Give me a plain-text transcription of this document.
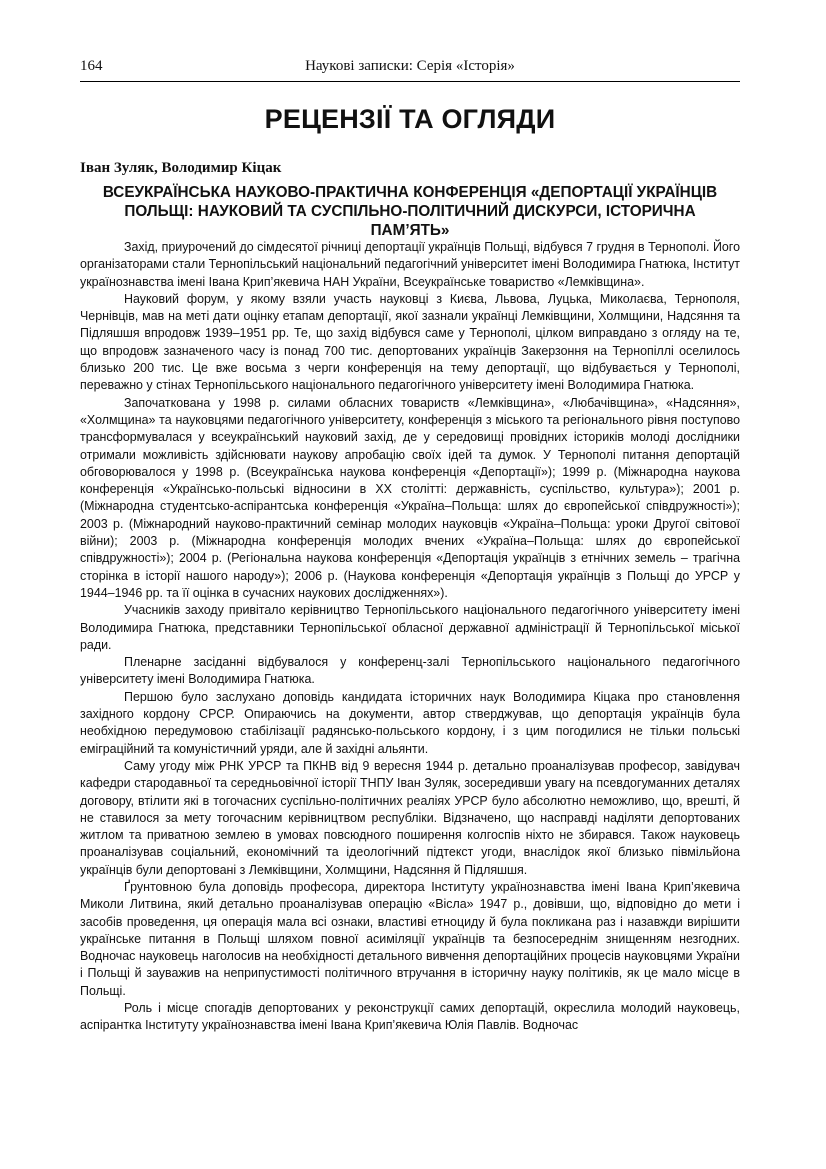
164	Наукові записки: Серія «Історія»
РЕЦЕНЗІЇ ТА ОГЛЯДИ
Іван Зуляк, Володимир Кіцак
ВСЕУКРАЇНСЬКА НАУКОВО-ПРАКТИЧНА КОНФЕРЕНЦІЯ «ДЕПОРТАЦІЇ УКРАЇНЦІВ ПОЛЬЩІ: НАУКОВИЙ ТА СУСПІЛЬНО-ПОЛІТИЧНИЙ ДИСКУРСИ, ІСТОРИЧНА ПАМ’ЯТЬ»

Захід, приурочений до сімдесятої річниці депортації українців Польщі, відбувся 7 грудня в Тернополі. Його організаторами стали Тернопільський національний педагогічний університет імені Володимира Гнатюка, Інститут українознавства імені Івана Крип’якевича НАН України, Всеукраїнське товариство «Лемківщина».

Науковий форум, у якому взяли участь науковці з Києва, Львова, Луцька, Миколаєва, Тернополя, Чернівців, мав на меті дати оцінку етапам депортації, якої зазнали українці Лемківщини, Холмщини, Надсяння та Підляшшя впродовж 1939–1951 рр. Те, що захід відбувся саме у Тернополі, цілком виправдано з огляду на те, що впродовж зазначеного часу із понад 700 тис. депортованих українців Закерзоння на Тернопіллі оселилось близько 200 тис. Це вже восьма з черги конференція на тему депортації, що відбувається у Тернополі, переважно у стінах Тернопільського національного педагогічного університету імені Володимира Гнатюка.

Започаткована у 1998 р. силами обласних товариств «Лемківщина», «Любачівщина», «Надсяння», «Холмщина» та науковцями педагогічного університету, конференція з міського та регіонального рівня поступово трансформувалася у всеукраїнський науковий захід, де у середовищі провідних істориків молоді дослідники отримали можливість здійснювати наукову апробацію своїх ідей та думок. У Тернополі питання депортацій обговорювалося у 1998 р. (Всеукраїнська наукова конференція «Депортації»); 1999 р. (Міжнародна наукова конференція «Українсько-польські відносини в ХХ столітті: державність, суспільство, культура»); 2001 р. (Міжнародна студентсько-аспірантська конференція «Україна–Польща: шлях до європейської співдружності»); 2003 р. (Міжнародний науково-практичний семінар молодих науковців «Україна–Польща: уроки Другої світової війни); 2003 р. (Міжнародна конференція молодих вчених «Україна–Польща: шлях до європейської співдружності»); 2004 р. (Регіональна наукова конференція «Депортація українців з етнічних земель – трагічна сторінка в історії нашого народу»); 2006 р. (Наукова конференція «Депортація українців з Польщі до УРСР у 1944–1946 рр. та її оцінка в сучасних наукових дослідженнях»).

Учасників заходу привітало керівництво Тернопільського національного педагогічного університету імені Володимира Гнатюка, представники Тернопільської обласної державної адміністрації й Тернопільської міської ради.

Пленарне засіданні відбувалося у конференц-залі Тернопільського національного педагогічного університету імені Володимира Гнатюка.

Першою було заслухано доповідь кандидата історичних наук Володимира Кіцака про становлення західного кордону СРСР. Опираючись на документи, автор стверджував, що депортація українців була необхідною передумовою стабілізації радянсько-польського кордону, і з цим погодилися не тільки польські еміграційний та комуністичний уряди, але й західні альянти.

Саму угоду між РНК УРСР та ПКНВ від 9 вересня 1944 р. детально проаналізував професор, завідувач кафедри стародавньої та середньовічної історії ТНПУ Іван Зуляк, зосередивши увагу на псевдогуманних деталях договору, втілити які в тогочасних суспільно-політичних реаліях УРСР було абсолютно неможливо, що, врешті, й не ставилося за мету тогочасним керівництвом республіки. Відзначено, що насправді наділяти депортованих житлом та приватною землею в умовах повсюдного поширення колгоспів ніхто не збирався. Також науковець проаналізував соціальний, економічний та ідеологічний підтекст угоди, внаслідок якої близько півмільйона українців були депортовані з Лемківщини, Холмщини, Надсяння й Підляшшя.

Ґрунтовною була доповідь професора, директора Інституту українознавства імені Івана Крип’якевича Миколи Литвина, який детально проаналізував операцію «Вісла» 1947 р., довівши, що, відповідно до мети і засобів проведення, ця операція мала всі ознаки, властиві етноциду й була покликана раз і назавжди вирішити українське питання в Польщі шляхом повної асиміляції українців та безпосереднім знищенням незгодних. Водночас науковець наголосив на необхідності детального вивчення депортаційних процесів науковцями України і Польщі й зауважив на неприпустимості політичного втручання в історичну науку політиків, як це мало місце в Польщі.

Роль і місце спогадів депортованих у реконструкції самих депортацій, окреслила молодий науковець, аспірантка Інституту українознавства імені Івана Крип’якевича Юлія Павлів. Водночас
